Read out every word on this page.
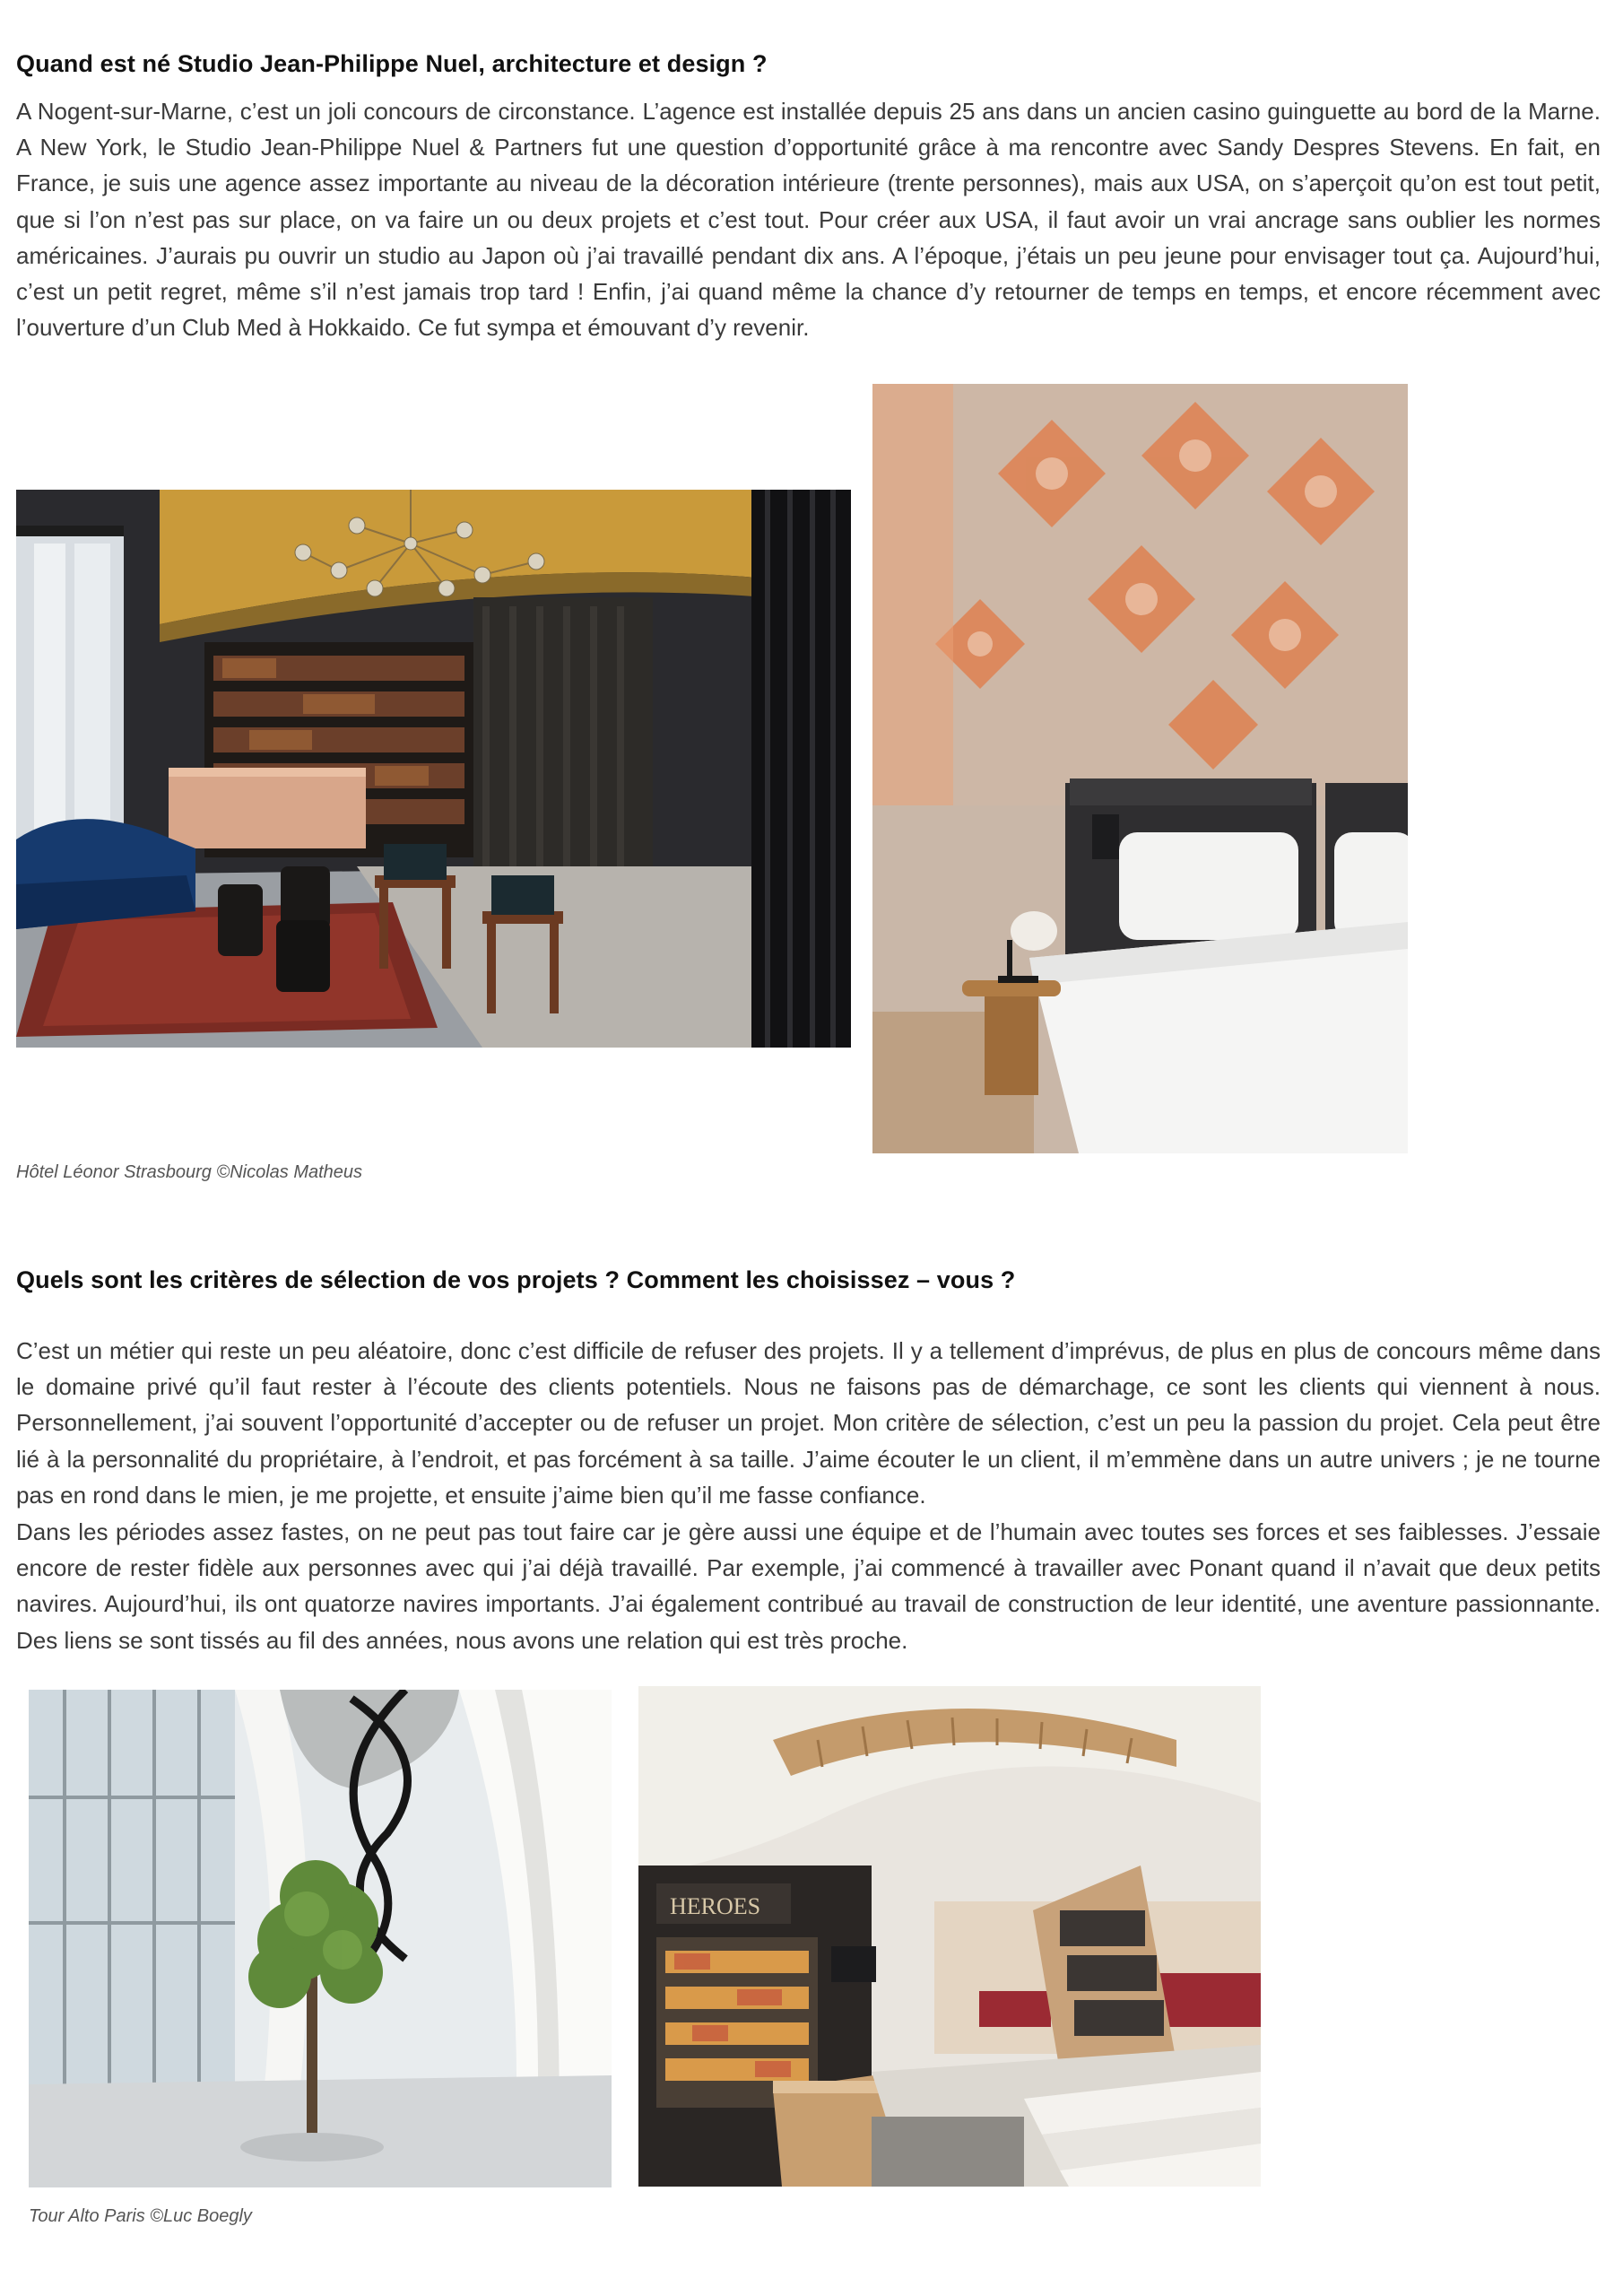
Quand est né Studio Jean-Philippe Nuel, architecture et design ?
A Nogent-sur-Marne, c’est un joli concours de circonstance. L’agence est installée depuis 25 ans dans un ancien casino guinguette au bord de la Marne. A New York, le Studio Jean-Philippe Nuel & Partners fut une question d’opportunité grâce à ma rencontre avec Sandy Despres Stevens. En fait, en France, je suis une agence assez importante au niveau de la décoration intérieure (trente personnes), mais aux USA, on s’aperçoit qu’on est tout petit, que si l’on n’est pas sur place, on va faire un ou deux projets et c’est tout. Pour créer aux USA, il faut avoir un vrai ancrage sans oublier les normes américaines. J’aurais pu ouvrir un studio au Japon où j’ai travaillé pendant dix ans. A l’époque, j’étais un peu jeune pour envisager tout ça. Aujourd’hui, c’est un petit regret, même s’il n’est jamais trop tard ! Enfin, j’ai quand même la chance d’y retourner de temps en temps, et encore récemment avec l’ouverture d’un Club Med à Hokkaido. Ce fut sympa et émouvant d’y revenir.
Hôtel Léonor Strasbourg ©Nicolas Matheus
Quels sont les critères de sélection de vos projets ? Comment les choisissez – vous ?
C’est un métier qui reste un peu aléatoire, donc c’est difficile de refuser des projets. Il y a tellement d’imprévus, de plus en plus de concours même dans le domaine privé qu’il faut rester à l’écoute des clients potentiels. Nous ne faisons pas de démarchage, ce sont les clients qui viennent à nous. Personnellement, j’ai souvent l’opportunité d’accepter ou de refuser un projet. Mon critère de sélection, c’est un peu la passion du projet. Cela peut être lié à la personnalité du propriétaire, à l’endroit, et pas forcément à sa taille. J’aime écouter le un client, il m’emmène dans un autre univers ; je ne tourne pas en rond dans le mien, je me projette, et ensuite j’aime bien qu’il me fasse confiance.
Dans les périodes assez fastes, on ne peut pas tout faire car je gère aussi une équipe et de l’humain avec toutes ses forces et ses faiblesses. J’essaie encore de rester fidèle aux personnes avec qui j’ai déjà travaillé. Par exemple, j’ai commencé à travailler avec Ponant quand il n’avait que deux petits navires. Aujourd’hui, ils ont quatorze navires importants. J’ai également contribué au travail de construction de leur identité, une aventure passionnante. Des liens se sont tissés au fil des années, nous avons une relation qui est très proche.
HEROES
Tour Alto Paris ©Luc Boegly
